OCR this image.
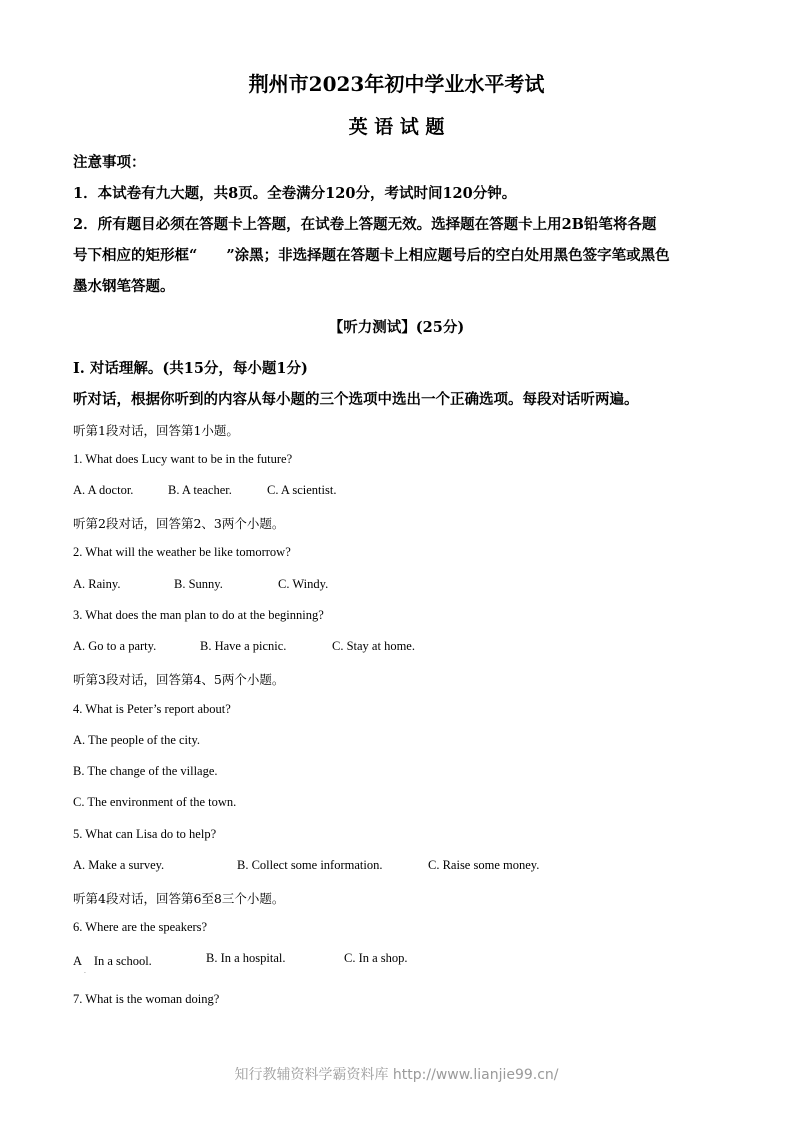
荆州市2023年初中学业水平考试
英 语 试 题
注意事项：
1．本试卷有九大题，共8页。全卷满分120分，考试时间120分钟。
2．所有题目必须在答题卡上答题，在试卷上答题无效。选择题在答题卡上用2B铅笔将各题
号下相应的矩形框“　　”涂黑；非选择题在答题卡上相应题号后的空白处用黑色签字笔或黑色
墨水钢笔答题。
【听力测试】(25分)
Ⅰ. 对话理解。(共15分，每小题1分)
听对话，根据你听到的内容从每小题的三个选项中选出一个正确选项。每段对话听两遍。
听第1段对话，回答第1小题。
1. What does Lucy want to be in the future?
A. A doctor.	B. A teacher.	C. A scientist.
听第2段对话，回答第2、3两个小题。
2. What will the weather be like tomorrow?
A. Rainy.	B. Sunny.	C. Windy.
3. What does the man plan to do at the beginning?
A. Go to a party.	B. Have a picnic.	C. Stay at home.
听第3段对话，回答第4、5两个小题。
4. What is Peter’s report about?
A. The people of the city.
B. The change of the village.
C. The environment of the town.
5. What can Lisa do to help?
A. Make a survey.	B. Collect some information.	C. Raise some money.
听第4段对话，回答第6至8三个小题。
6. Where are the speakers?
A　In a school.	B. In a hospital.	C. In a shop.
·
7. What is the woman doing?
知行教辅资料学霸资料库 http://www.lianjie99.cn/
